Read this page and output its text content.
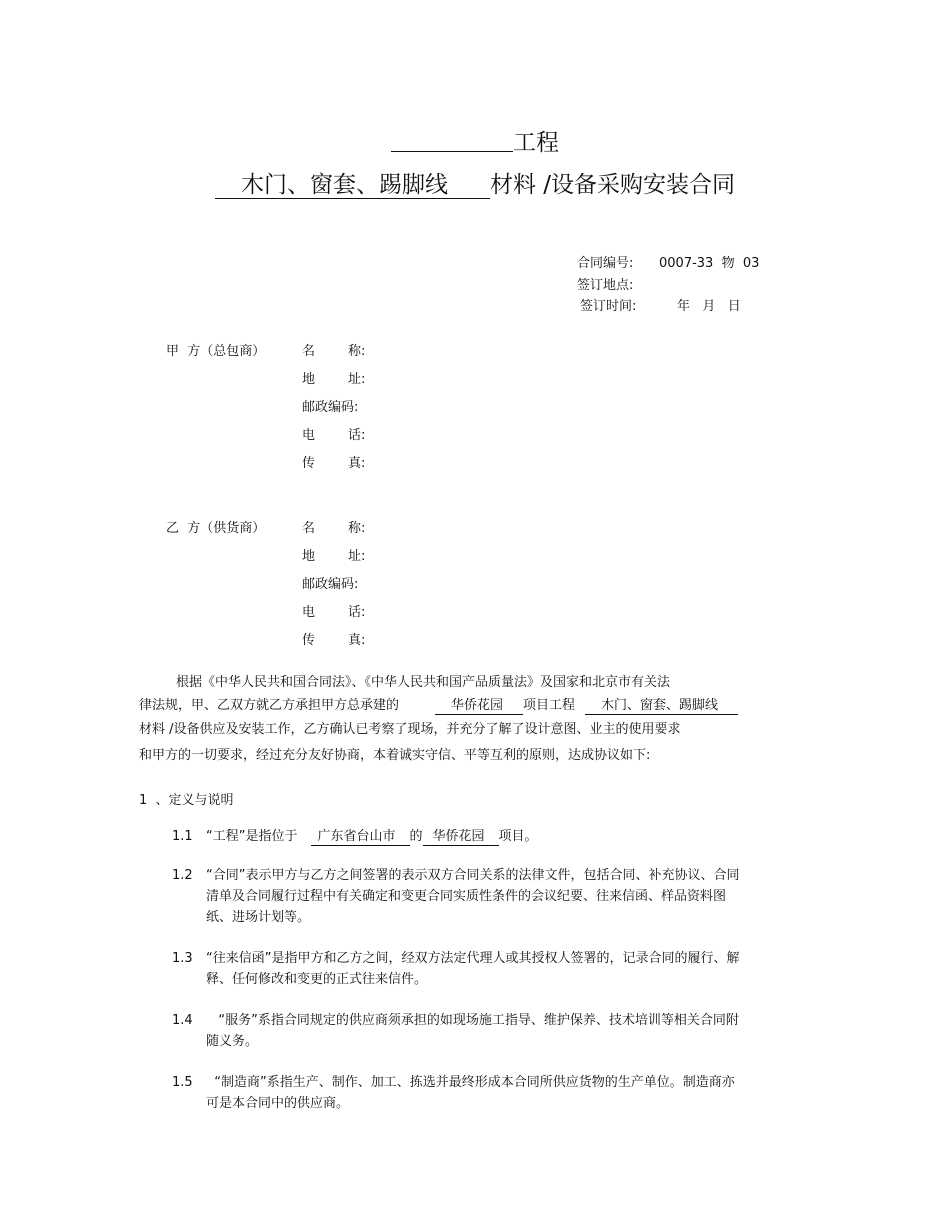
工程
木门、窗套、踢脚线 材料 /设备采购安装合同
合同编号: 0007-33  物  03
签订地点:
签订时间:	年   月   日
甲  方（总包商）	名        称:
地        址:
邮政编码:
电        话:
传        真:
乙  方（供货商）	名        称:
地        址:
邮政编码:
电        话:
传        真:
根据《中华人民共和国合同法》、《中华人民共和国产品质量法》及国家和北京市有关法
律法规，甲、乙双方就乙方承担甲方总承建的	华侨花园 项目工程 木门、窗套、踢脚线
材料 /设备供应及安装工作，乙方确认已考察了现场，并充分了解了设计意图、业主的使用要求
和甲方的一切要求，经过充分友好协商，本着诚实守信、平等互利的原则，达成协议如下:
1  、定义与说明
1.1 “工程”是指位于 广东省台山市 的 华侨花园 项目。
1.2 “合同”表示甲方与乙方之间签署的表示双方合同关系的法律文件，包括合同、补充协议、合同清单及合同履行过程中有关确定和变更合同实质性条件的会议纪要、往来信函、样品资料图纸、进场计划等。
1.3 “往来信函”是指甲方和乙方之间，经双方法定代理人或其授权人签署的，记录合同的履行、解释、任何修改和变更的正式往来信件。
1.4 “服务”系指合同规定的供应商须承担的如现场施工指导、维护保养、技术培训等相关合同附随义务。
1.5 “制造商”系指生产、制作、加工、拣选并最终形成本合同所供应货物的生产单位。制造商亦可是本合同中的供应商。
